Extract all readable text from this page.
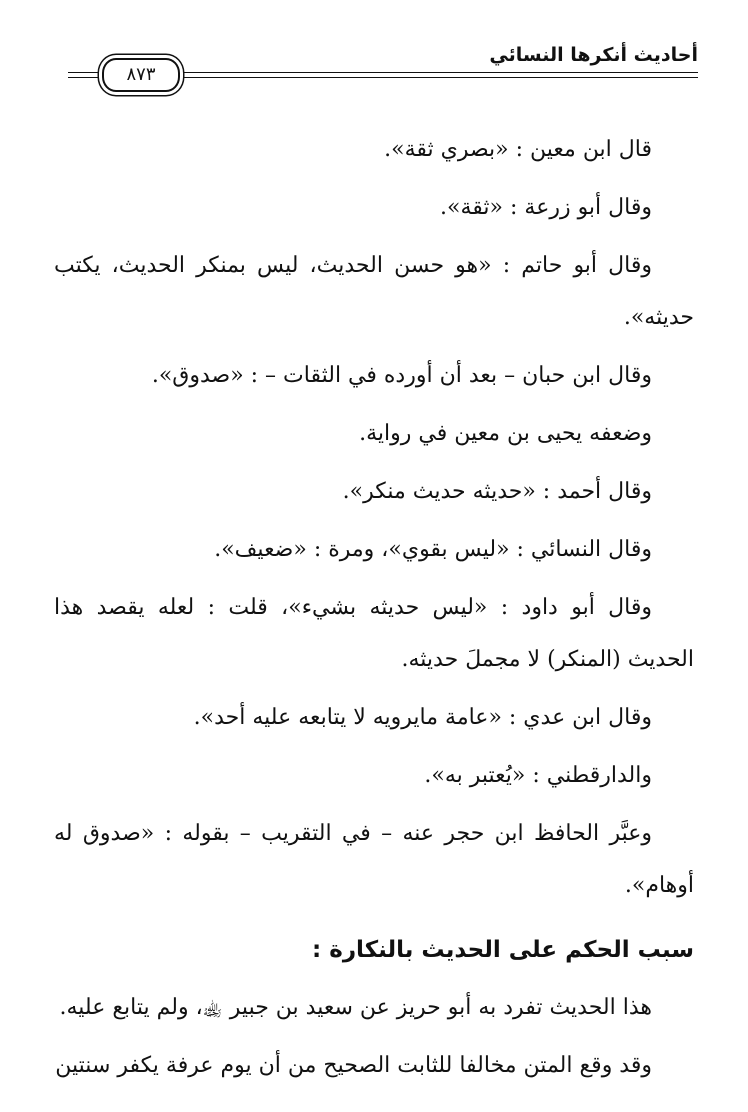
أحاديث أنكرها النسائي
٨٧٣

قال ابن معين : «بصري ثقة».

وقال أبو زرعة : «ثقة».

وقال أبو حاتم : «هو حسن الحديث، ليس بمنكر الحديث، يكتب حديثه».

وقال ابن حبان – بعد أن أورده في الثقات – : «صدوق».

وضعفه يحيى بن معين في رواية.

وقال أحمد : «حديثه حديث منكر».

وقال النسائي : «ليس بقوي»، ومرة : «ضعيف».

وقال أبو داود : «ليس حديثه بشيء»، قلت : لعله يقصد هذا الحديث (المنكر) لا مجملَ حديثه.

وقال ابن عدي : «عامة مايرويه لا يتابعه عليه أحد».

والدارقطني : «يُعتبر به».

وعبَّر الحافظ ابن حجر عنه – في التقريب – بقوله : «صدوق له أوهام».

سبب الحكم على الحديث بالنكارة :

هذا الحديث تفرد به أبو حريز عن سعيد بن جبير ﵀، ولم يتابع عليه.

وقد وقع المتن مخالفا للثابت الصحيح من أن يوم عرفة يكفر سنتين
